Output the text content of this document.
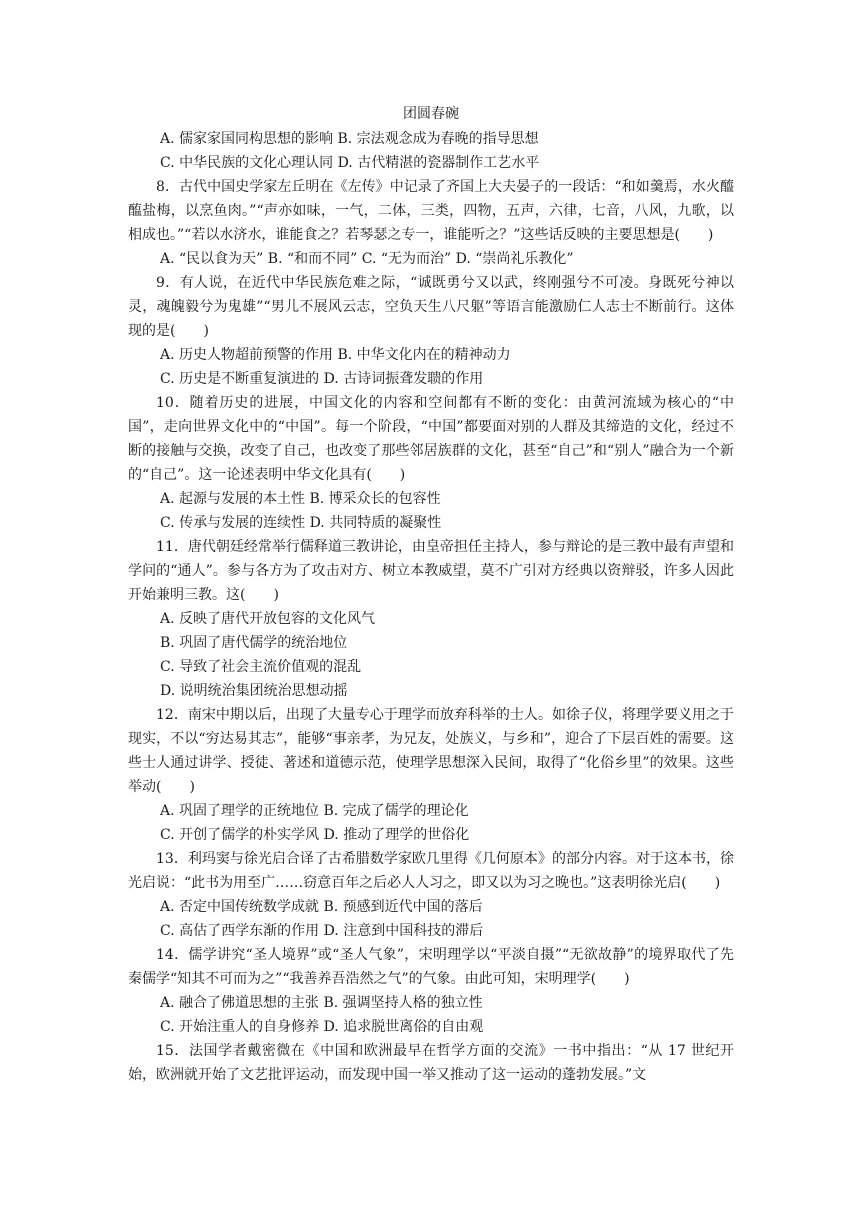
团圆春碗
A. 儒家家国同构思想的影响 B. 宗法观念成为春晚的指导思想
C. 中华民族的文化心理认同 D. 古代精湛的瓷器制作工艺水平
8．古代中国史学家左丘明在《左传》中记录了齐国上大夫晏子的一段话：“和如羹焉，水火醯醢盐梅，以烹鱼肉。”“声亦如味，一气，二体，三类，四物，五声，六律，七音，八风，九歌，以相成也。”“若以水济水，谁能食之？若琴瑟之专一，谁能听之？”这些话反映的主要思想是(　　)
A. “民以食为天” B. “和而不同” C. “无为而治” D. “崇尚礼乐教化”
9．有人说，在近代中华民族危难之际，“诚既勇兮又以武，终刚强兮不可凌。身既死兮神以灵，魂魄毅兮为鬼雄”“男儿不展风云志，空负天生八尺躯”等语言能激励仁人志士不断前行。这体现的是(　　)
A. 历史人物超前预警的作用 B. 中华文化内在的精神动力
C. 历史是不断重复演进的 D. 古诗词振聋发聩的作用
10．随着历史的进展，中国文化的内容和空间都有不断的变化：由黄河流域为核心的“中国”，走向世界文化中的“中国”。每一个阶段，“中国”都要面对别的人群及其缔造的文化，经过不断的接触与交换，改变了自己，也改变了那些邻居族群的文化，甚至“自己”和“别人”融合为一个新的“自己”。这一论述表明中华文化具有(　　)
A. 起源与发展的本土性 B. 博采众长的包容性
C. 传承与发展的连续性 D. 共同特质的凝聚性
11．唐代朝廷经常举行儒释道三教讲论，由皇帝担任主持人，参与辩论的是三教中最有声望和学问的“通人”。参与各方为了攻击对方、树立本教威望，莫不广引对方经典以资辩驳，许多人因此开始兼明三教。这(　　)
A. 反映了唐代开放包容的文化风气
B. 巩固了唐代儒学的统治地位
C. 导致了社会主流价值观的混乱
D. 说明统治集团统治思想动摇
12．南宋中期以后，出现了大量专心于理学而放弃科举的士人。如徐子仪，将理学要义用之于现实，不以“穷达易其志”，能够“事亲孝，为兄友，处族义，与乡和”，迎合了下层百姓的需要。这些士人通过讲学、授徒、著述和道德示范，使理学思想深入民间，取得了“化俗乡里”的效果。这些举动(　　)
A. 巩固了理学的正统地位 B. 完成了儒学的理论化
C. 开创了儒学的朴实学风 D. 推动了理学的世俗化
13．利玛窦与徐光启合译了古希腊数学家欧几里得《几何原本》的部分内容。对于这本书，徐光启说：“此书为用至广……窃意百年之后必人人习之，即又以为习之晚也。”这表明徐光启(　　)
A. 否定中国传统数学成就 B. 预感到近代中国的落后
C. 高估了西学东渐的作用 D. 注意到中国科技的滞后
14．儒学讲究“圣人境界”或“圣人气象”，宋明理学以“平淡自摄”“无欲故静”的境界取代了先秦儒学“知其不可而为之”“我善养吾浩然之气”的气象。由此可知，宋明理学(　　)
A. 融合了佛道思想的主张 B. 强调坚持人格的独立性
C. 开始注重人的自身修养 D. 追求脱世离俗的自由观
15．法国学者戴密微在《中国和欧洲最早在哲学方面的交流》一书中指出：“从 17 世纪开始，欧洲就开始了文艺批评运动，而发现中国一举又推动了这一运动的蓬勃发展。”文
